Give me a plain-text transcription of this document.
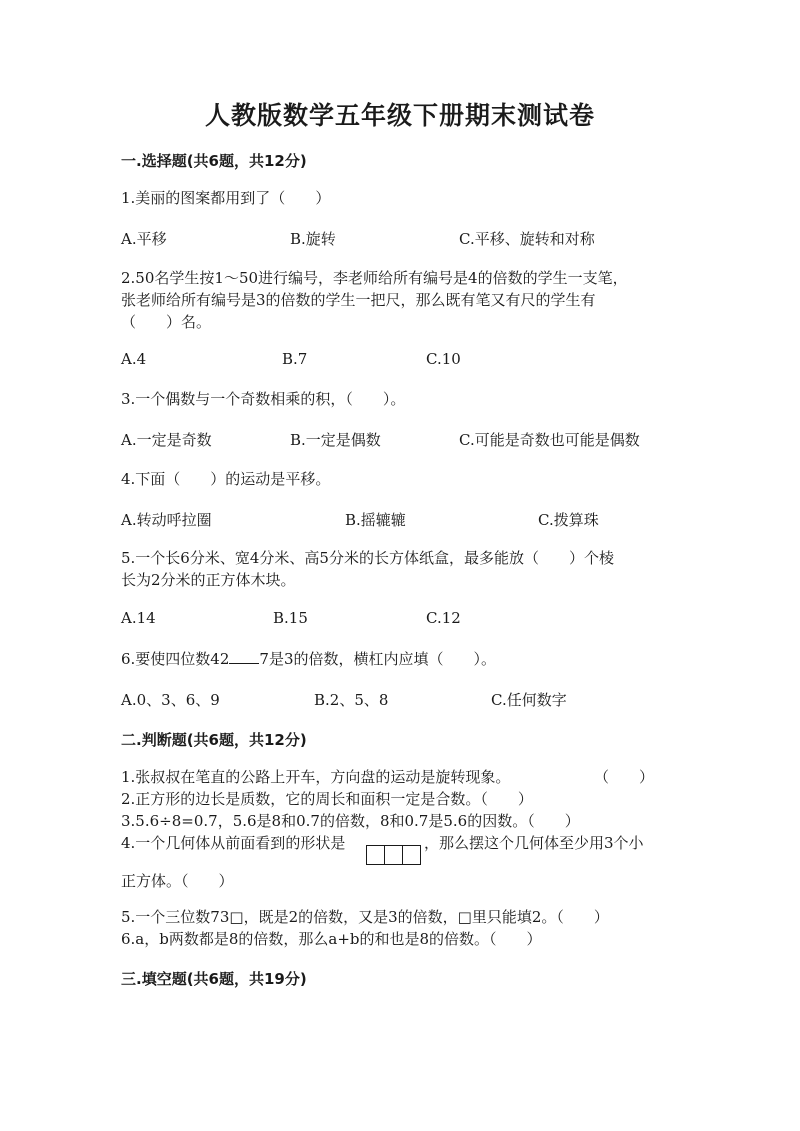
人教版数学五年级下册期末测试卷
一.选择题(共6题，共12分)
1.美丽的图案都用到了（　　）
A.平移	B.旋转	C.平移、旋转和对称
2.50名学生按1～50进行编号，李老师给所有编号是4的倍数的学生一支笔，
张老师给所有编号是3的倍数的学生一把尺，那么既有笔又有尺的学生有
（　　）名。
A.4	B.7	C.10
3.一个偶数与一个奇数相乘的积，（　　）。
A.一定是奇数	B.一定是偶数	C.可能是奇数也可能是偶数
4.下面（　　）的运动是平移。
A.转动呼拉圈	B.摇辘辘	C.拨算珠
5.一个长6分米、宽4分米、高5分米的长方体纸盒，最多能放（　　）个棱
长为2分米的正方体木块。
A.14	B.15	C.12
6.要使四位数42 7是3的倍数，横杠内应填（　　）。
A.0、3、6、9	B.2、5、8	C.任何数字
二.判断题(共6题，共12分)
1.张叔叔在笔直的公路上开车，方向盘的运动是旋转现象。	（　　）
2.正方形的边长是质数，它的周长和面积一定是合数。（　　）
3.5.6÷8=0.7，5.6是8和0.7的倍数，8和0.7是5.6的因数。（　　）
4.一个几何体从前面看到的形状是	，那么摆这个几何体至少用3个小
正方体。（　　）
5.一个三位数73□，既是2的倍数，又是3的倍数，□里只能填2。（　　）
6.a，b两数都是8的倍数，那么a+b的和也是8的倍数。（　　）
三.填空题(共6题，共19分)
